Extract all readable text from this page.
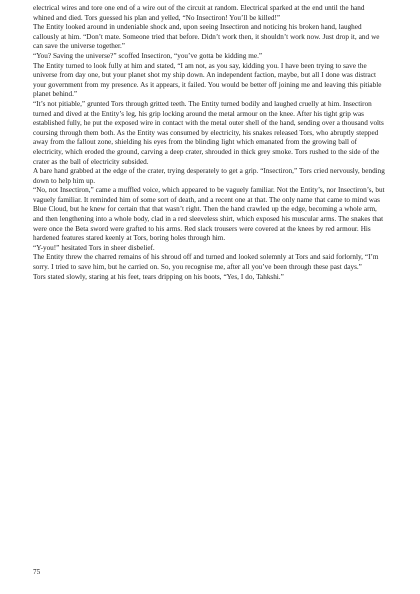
electrical wires and tore one end of a wire out of the circuit at random. Electrical sparked at the end until the hand whined and died. Tors guessed his plan and yelled, “No Insectiron! You’ll be killed!”

The Entity looked around in undeniable shock and, upon seeing Insectiron and noticing his broken hand, laughed callously at him. “Don’t mate. Someone tried that before. Didn’t work then, it shouldn’t work now. Just drop it, and we can save the universe together.”

“You? Saving the universe?” scoffed Insectiron, “you’ve gotta be kidding me.”

The Entity turned to look fully at him and stated, “I am not, as you say, kidding you. I have been trying to save the universe from day one, but your planet shot my ship down. An independent faction, maybe, but all I done was distract your government from my presence. As it appears, it failed. You would be better off joining me and leaving this pitiable planet behind.”

“It’s not pitiable,” grunted Tors through gritted teeth. The Entity turned bodily and laughed cruelly at him. Insectiron turned and dived at the Entity’s leg, his grip locking around the metal armour on the knee. After his tight grip was established fully, he put the exposed wire in contact with the metal outer shell of the hand, sending over a thousand volts coursing through them both. As the Entity was consumed by electricity, his snakes released Tors, who abruptly stepped away from the fallout zone, shielding his eyes from the blinding light which emanated from the growing ball of electricity, which eroded the ground, carving a deep crater, shrouded in thick grey smoke. Tors rushed to the side of the crater as the ball of electricity subsided.

A bare hand grabbed at the edge of the crater, trying desperately to get a grip. “Insectiron,” Tors cried nervously, bending down to help him up.

“No, not Insectiron,” came a muffled voice, which appeared to be vaguely familiar. Not the Entity’s, nor Insectiron’s, but vaguely familiar. It reminded him of some sort of death, and a recent one at that. The only name that came to mind was Blue Cloud, but he knew for certain that that wasn’t right. Then the hand crawled up the edge, becoming a whole arm, and then lengthening into a whole body, clad in a red sleeveless shirt, which exposed his muscular arms. The snakes that were once the Beta sword were grafted to his arms. Red slack trousers were covered at the knees by red armour. His hardened features stared keenly at Tors, boring holes through him.

“Y-you!” hesitated Tors in sheer disbelief.

The Entity threw the charred remains of his shroud off and turned and looked solemnly at Tors and said forlornly, “I’m sorry. I tried to save him, but he carried on. So, you recognise me, after all you’ve been through these past days.”

Tors stated slowly, staring at his feet, tears dripping on his boots, “Yes, I do, Tahkshi.”

75
